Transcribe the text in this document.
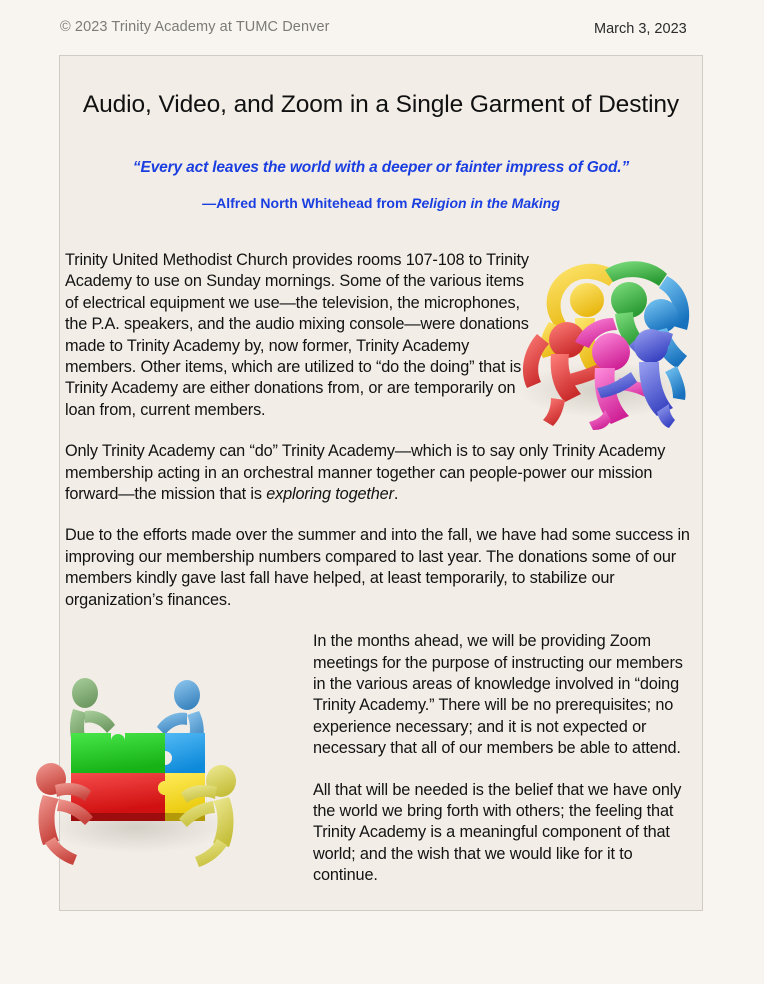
© 2023 Trinity Academy at TUMC Denver	March 3, 2023
Audio, Video, and Zoom in a Single Garment of Destiny
“Every act leaves the world with a deeper or fainter impress of God.”
—Alfred North Whitehead from Religion in the Making

Trinity United Methodist Church provides rooms 107-108 to Trinity Academy to use on Sunday mornings. Some of the various items of electrical equipment we use—the television, the microphones, the P.A. speakers, and the audio mixing console—were donations made to Trinity Academy by, now former, Trinity Academy members. Other items, which are utilized to “do the doing” that is Trinity Academy are either donations from, or are temporarily on loan from, current members.

Only Trinity Academy can “do” Trinity Academy—which is to say only Trinity Academy membership acting in an orchestral manner together can people-power our mission forward—the mission that is exploring together.

Due to the efforts made over the summer and into the fall, we have had some success in improving our membership numbers compared to last year. The donations some of our members kindly gave last fall have helped, at least temporarily, to stabilize our organization’s finances.

In the months ahead, we will be providing Zoom meetings for the purpose of instructing our members in the various areas of knowledge involved in “doing Trinity Academy.” There will be no prerequisites; no experience necessary; and it is not expected or necessary that all of our members be able to attend.

All that will be needed is the belief that we have only the world we bring forth with others; the feeling that Trinity Academy is a meaningful component of that world; and the wish that we would like for it to continue.
